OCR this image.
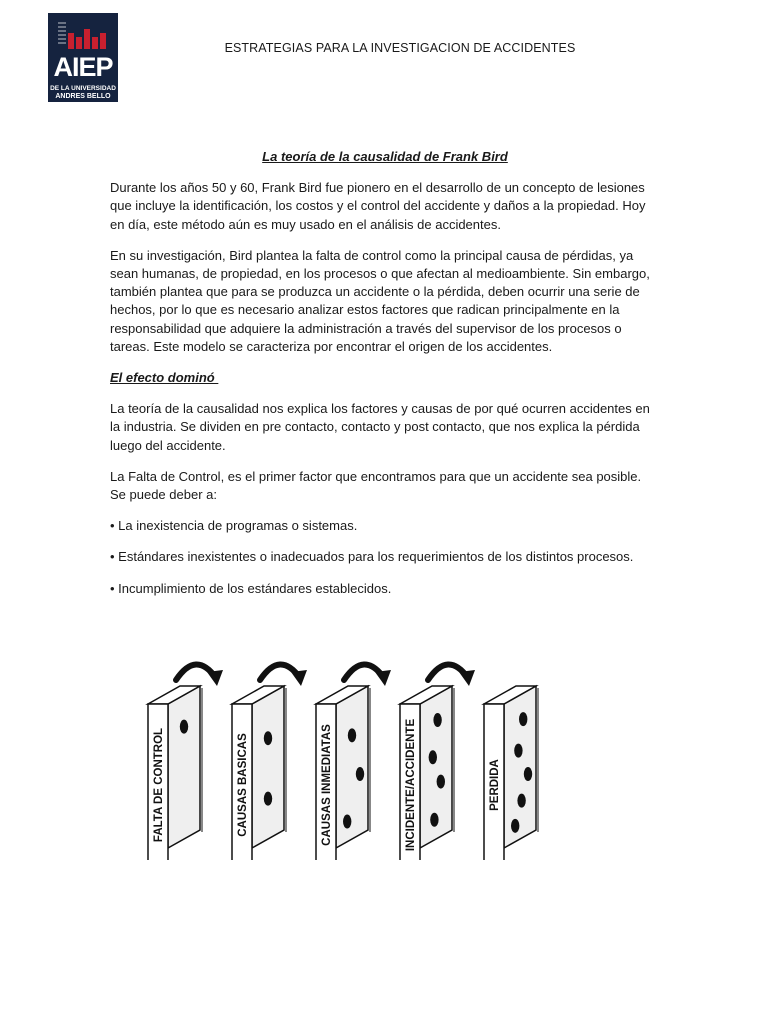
AIEP
DE LA UNIVERSIDAD
ANDRES BELLO
ESTRATEGIAS PARA LA INVESTIGACION DE ACCIDENTES

La teoría de la causalidad de Frank Bird

Durante los años 50 y 60, Frank Bird fue pionero en el desarrollo de un concepto de lesiones que incluye la identificación, los costos y el control del accidente y daños a la propiedad. Hoy en día, este método aún es muy usado en el análisis de accidentes.

En su investigación, Bird plantea la falta de control como la principal causa de pérdidas, ya sean humanas, de propiedad, en los procesos o que afectan al medioambiente. Sin embargo, también plantea que para se produzca un accidente o la pérdida, deben ocurrir una serie de hechos, por lo que es necesario analizar estos factores que radican principalmente en la responsabilidad que adquiere la administración a través del supervisor de los procesos o tareas. Este modelo se caracteriza por encontrar el origen de los accidentes.

El efecto dominó

La teoría de la causalidad nos explica los factores y causas de por qué ocurren accidentes en la industria. Se dividen en pre contacto, contacto y post contacto, que nos explica la pérdida luego del accidente.

La Falta de Control, es el primer factor que encontramos para que un accidente sea posible. Se puede deber a:

• La inexistencia de programas o sistemas.

• Estándares inexistentes o inadecuados para los requerimientos de los distintos procesos.

• Incumplimiento de los estándares establecidos.

FALTA DE CONTROL	CAUSAS BASICAS	CAUSAS INMEDIATAS	INCIDENTE/ACCIDENTE	PERDIDA
